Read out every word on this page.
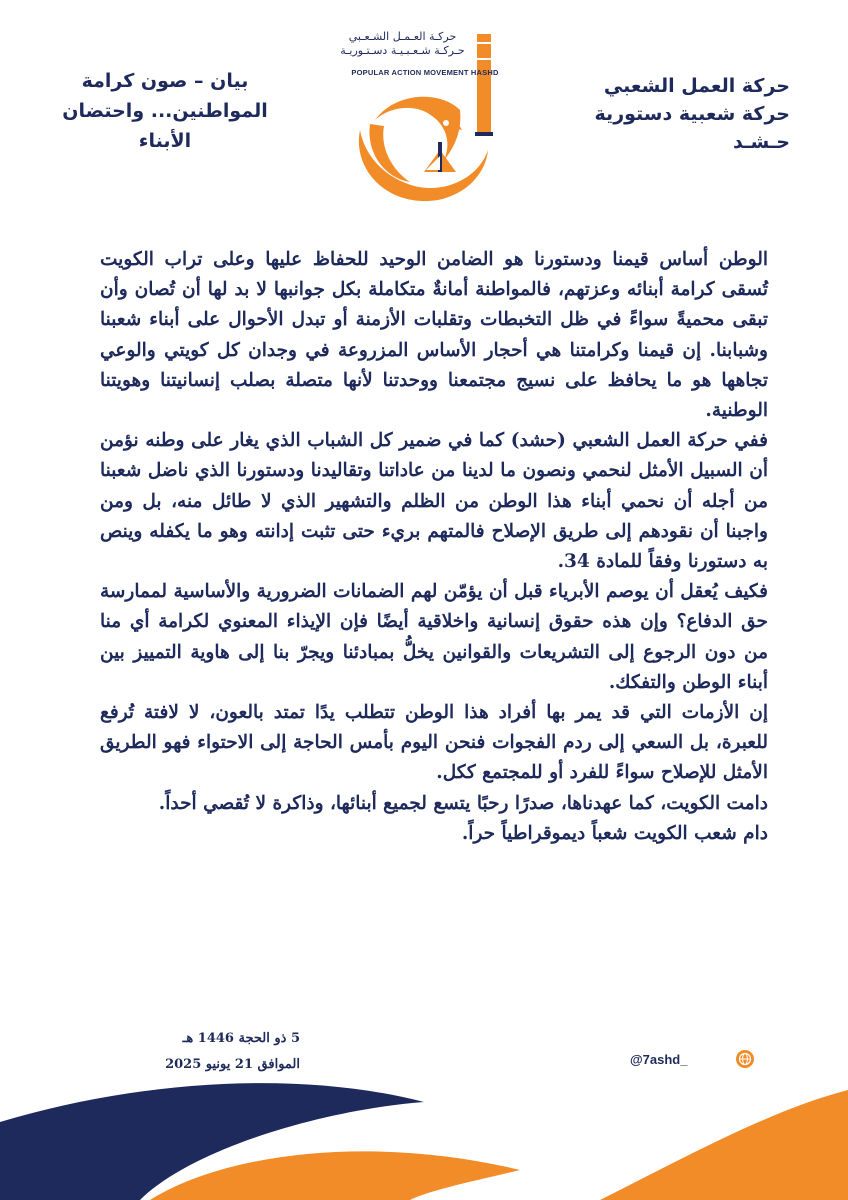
حركة العمل الشعبي
حركة شعبية دستورية
حـشـد
حركـة العـمـل الشـعـبي
حـركـة شـعـبـيـة دسـتـوريـة
POPULAR ACTION MOVEMENT HASHD
بيان – صون كرامة
المواطنين... واحتضان
الأبناء

الوطن أساس قيمنا ودستورنا هو الضامن الوحيد للحفاظ عليها وعلى تراب الكويت تُسقى كرامة أبنائه وعزتهم، فالمواطنة أمانةٌ متكاملة بكل جوانبها لا بد لها أن تُصان وأن تبقى محميةً سواءً في ظل التخبطات وتقلبات الأزمنة أو تبدل الأحوال على أبناء شعبنا وشبابنا. إن قيمنا وكرامتنا هي أحجار الأساس المزروعة في وجدان كل كويتي والوعي تجاهها هو ما يحافظ على نسيج مجتمعنا ووحدتنا لأنها متصلة بصلب إنسانيتنا وهويتنا الوطنية.

ففي حركة العمل الشعبي (حشد) كما في ضمير كل الشباب الذي يغار على وطنه نؤمن أن السبيل الأمثل لنحمي ونصون ما لدينا من عاداتنا وتقاليدنا ودستورنا الذي ناضل شعبنا من أجله أن نحمي أبناء هذا الوطن من الظلم والتشهير الذي لا طائل منه، بل ومن واجبنا أن نقودهم إلى طريق الإصلاح فالمتهم بريء حتى تثبت إدانته وهو ما يكفله وينص به دستورنا وفقاً للمادة 34.

فكيف يُعقل أن يوصم الأبرياء قبل أن يؤمّن لهم الضمانات الضرورية والأساسية لممارسة حق الدفاع؟ وإن هذه حقوق إنسانية واخلاقية أيضًا فإن الإيذاء المعنوي لكرامة أي منا من دون الرجوع إلى التشريعات والقوانين يخلُّ بمبادئنا ويجرّ بنا إلى هاوية التمييز بين أبناء الوطن والتفكك.

إن الأزمات التي قد يمر بها أفراد هذا الوطن تتطلب يدًا تمتد بالعون، لا لافتة تُرفع للعبرة، بل السعي إلى ردم الفجوات فنحن اليوم بأمس الحاجة إلى الاحتواء فهو الطريق الأمثل للإصلاح سواءً للفرد أو للمجتمع ككل.

دامت الكويت، كما عهدناها، صدرًا رحبًا يتسع لجميع أبنائها، وذاكرة لا تُقصي أحداً.

دام شعب الكويت شعباً ديموقراطياً حراً.

5 ذو الحجة 1446 هـ
الموافق 21 يونيو 2025	@7ashd_
